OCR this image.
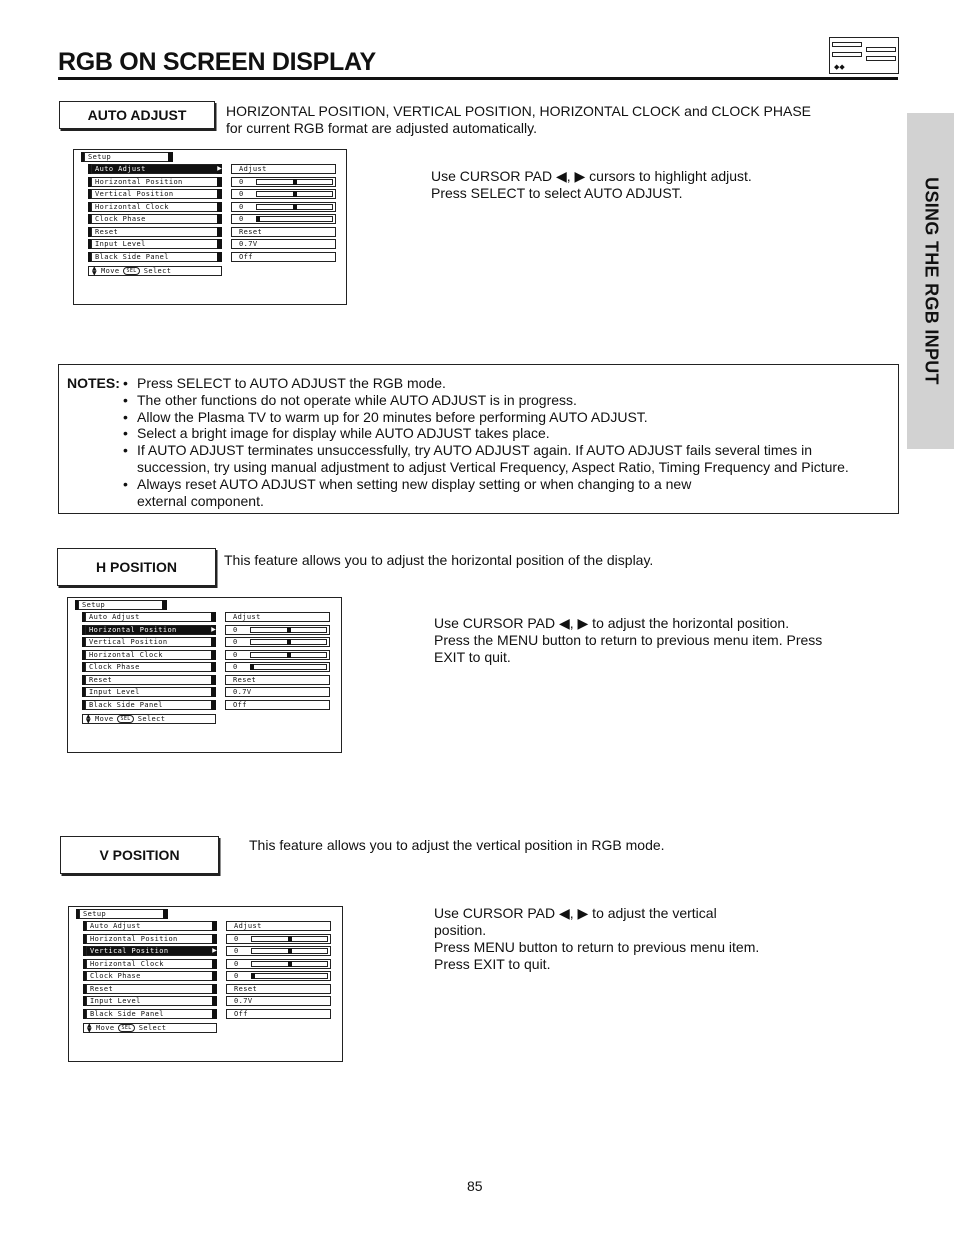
RGB ON SCREEN DISPLAY	◆◆
USING THE RGB INPUT
AUTO ADJUST	HORIZONTAL POSITION, VERTICAL POSITION, HORIZONTAL CLOCK and CLOCK PHASE
for current RGB format are adjusted automatically.
Use CURSOR PAD ◀, ▶ cursors to highlight adjust.
Press SELECT to select AUTO ADJUST.
Setup
Auto Adjust	▶	Adjust
Horizontal Position	0
Vertical Position	0
Horizontal Clock	0
Clock Phase	0
Reset	Reset
Input Level	0.7V
Black Side Panel	Off
▲
▼ Move	SEL	Select
NOTES:	• Press SELECT to AUTO ADJUST the RGB mode.
• The other functions do not operate while AUTO ADJUST is in progress.
• Allow the Plasma TV to warm up for 20 minutes before performing AUTO ADJUST.
• Select a bright image for display while AUTO ADJUST takes place.
• If AUTO ADJUST terminates unsuccessfully, try AUTO ADJUST again. If AUTO ADJUST fails several times in
succession, try using manual adjustment to adjust Vertical Frequency, Aspect Ratio, Timing Frequency and Picture.
• Always reset AUTO ADJUST when setting new display setting or when changing to a new
external component.
H POSITION	This feature allows you to adjust the horizontal position of the display.
Use CURSOR PAD ◀, ▶ to adjust the horizontal position.
Press the MENU button to return to previous menu item. Press
EXIT to quit.
Setup
Auto Adjust	Adjust
Horizontal Position	▶	0
Vertical Position	0
Horizontal Clock	0
Clock Phase	0
Reset	Reset
Input Level	0.7V
Black Side Panel	Off
▲
▼ Move	SEL	Select
V POSITION
This feature allows you to adjust the vertical position in RGB mode.
Use CURSOR PAD ◀, ▶ to adjust the vertical
position.
Press MENU button to return to previous menu item.
Press EXIT to quit.
Setup
Auto Adjust	Adjust
Horizontal Position	0
Vertical Position	▶	0
Horizontal Clock	0
Clock Phase	0
Reset	Reset
Input Level	0.7V
Black Side Panel	Off
▲
▼ Move	SEL	Select
85
